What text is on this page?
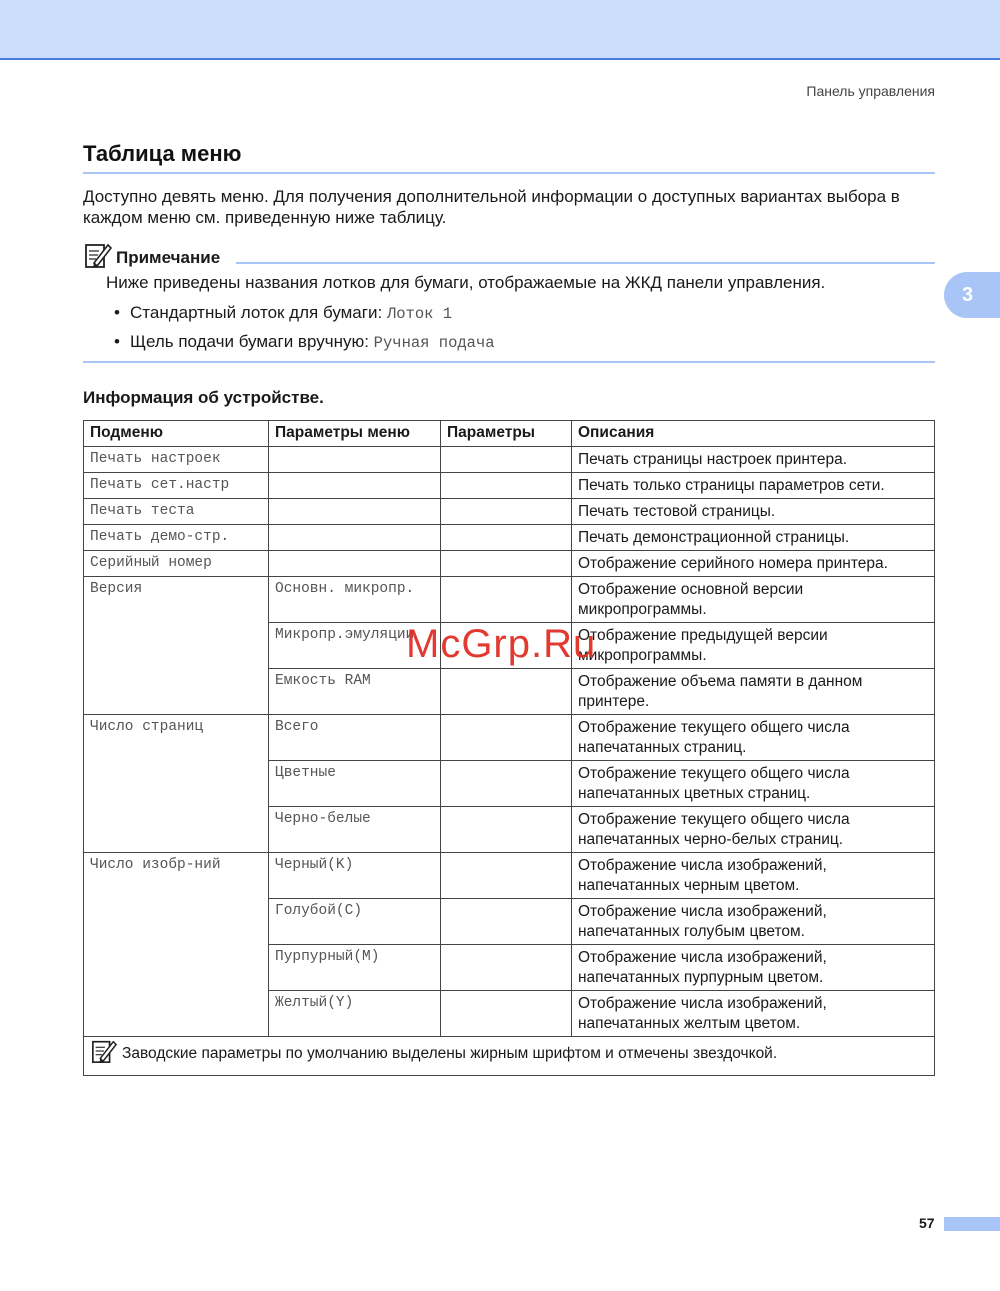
Панель управления
3
Таблица меню

Доступно девять меню. Для получения дополнительной информации о доступных вариантах выбора в каждом меню см. приведенную ниже таблицу.

Примечание

Ниже приведены названия лотков для бумаги, отображаемые на ЖКД панели управления.

• Стандартный лоток для бумаги: Лоток 1
• Щель подачи бумаги вручную: Ручная подача
Информация об устройстве.
Подменю	Параметры меню	Параметры	Описания
Печать настроек			Печать страницы настроек принтера.
Печать сет.настр			Печать только страницы параметров сети.
Печать теста			Печать тестовой страницы.
Печать демо-стр.			Печать демонстрационной страницы.
Серийный номер			Отображение серийного номера принтера.
Версия	Основн. микропр.		Отображение основной версии микропрограммы.
	Микропр.эмуляции		Отображение предыдущей версии микропрограммы.
	Емкость RAM		Отображение объема памяти в данном принтере.
Число страниц	Всего		Отображение текущего общего числа напечатанных страниц.
	Цветные		Отображение текущего общего числа напечатанных цветных страниц.
	Черно-белые		Отображение текущего общего числа напечатанных черно-белых страниц.
Число изобр-ний	Черный(K)		Отображение числа изображений, напечатанных черным цветом.
	Голубой(C)		Отображение числа изображений, напечатанных голубым цветом.
	Пурпурный(M)		Отображение числа изображений, напечатанных пурпурным цветом.
	Желтый(Y)		Отображение числа изображений, напечатанных желтым цветом.
Заводские параметры по умолчанию выделены жирным шрифтом и отмечены звездочкой.			
McGrp.Ru
57
